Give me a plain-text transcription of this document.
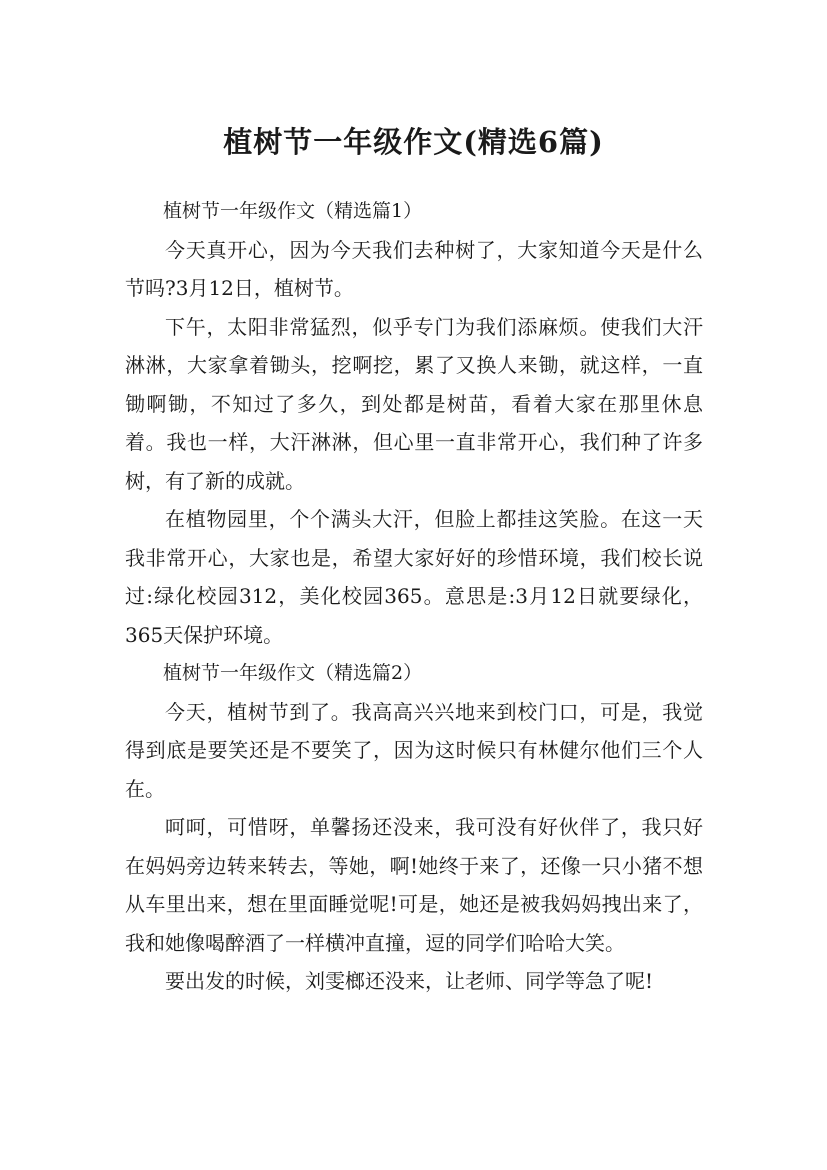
植树节一年级作文(精选6篇)

植树节一年级作文（精选篇1）

今天真开心，因为今天我们去种树了，大家知道今天是什么节吗?3月12日，植树节。

下午，太阳非常猛烈，似乎专门为我们添麻烦。使我们大汗淋淋，大家拿着锄头，挖啊挖，累了又换人来锄，就这样，一直锄啊锄，不知过了多久，到处都是树苗，看着大家在那里休息着。我也一样，大汗淋淋，但心里一直非常开心，我们种了许多树，有了新的成就。

在植物园里，个个满头大汗，但脸上都挂这笑脸。在这一天我非常开心，大家也是，希望大家好好的珍惜环境，我们校长说过:绿化校园312，美化校园365。意思是:3月12日就要绿化，365天保护环境。

植树节一年级作文（精选篇2）

今天，植树节到了。我高高兴兴地来到校门口，可是，我觉得到底是要笑还是不要笑了，因为这时候只有林健尔他们三个人在。

呵呵，可惜呀，单馨扬还没来，我可没有好伙伴了，我只好在妈妈旁边转来转去，等她，啊!她终于来了，还像一只小猪不想从车里出来，想在里面睡觉呢!可是，她还是被我妈妈拽出来了，我和她像喝醉酒了一样横冲直撞，逗的同学们哈哈大笑。

要出发的时候，刘雯榔还没来，让老师、同学等急了呢!
